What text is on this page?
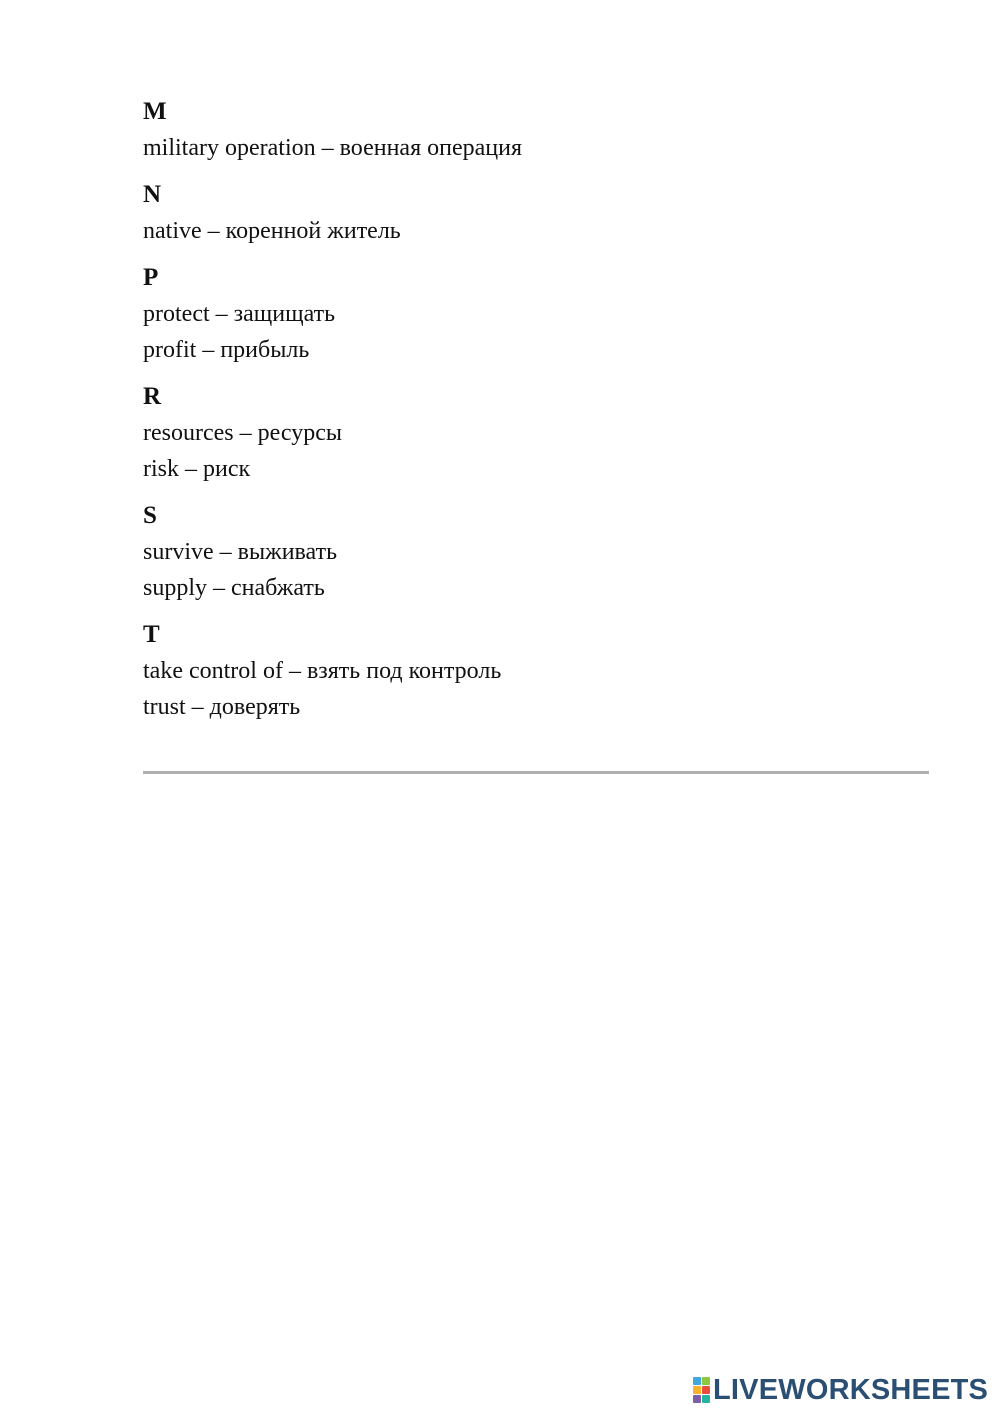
M
military operation – военная операция
N
native – коренной житель
P
protect – защищать
profit – прибыль
R
resources – ресурсы
risk – риск
S
survive – выживать
supply – снабжать
T
take control of – взять под контроль
trust – доверять
LIVEWORKSHEETS
